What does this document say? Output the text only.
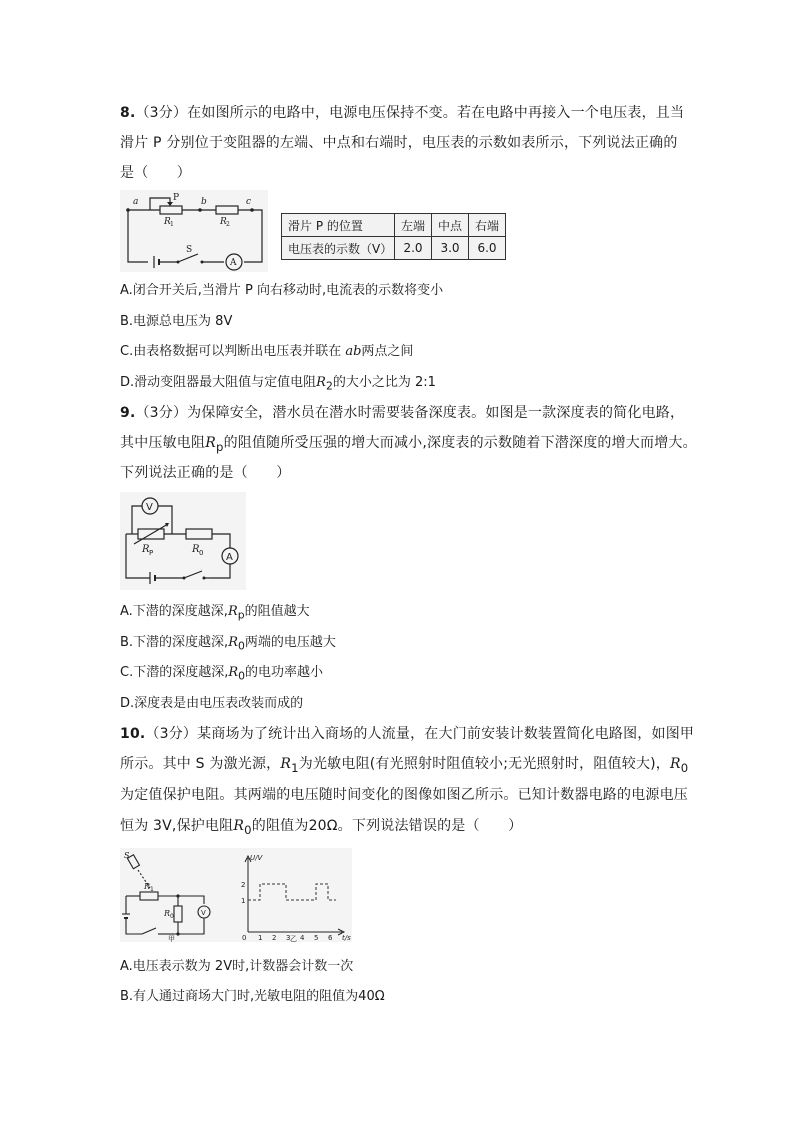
8.（3分）在如图所示的电路中，电源电压保持不变。若在电路中再接入一个电压表，且当
滑片 P 分别位于变阻器的左端、中点和右端时，电压表的示数如表所示，下列说法正确的
是（　　）
a	P
R 1
b
R 2
c
S
A
滑片 P 的位置	左端	中点	右端
电压表的示数（V）	2.0	3.0	6.0
A.闭合开关后,当滑片 P 向右移动时,电流表的示数将变小
B.电源总电压为 8V
C.由表格数据可以判断出电压表并联在 ab两点之间
D.滑动变阻器最大阻值与定值电阻$R_2$的大小之比为 2:1
9.（3分）为保障安全，潜水员在潜水时需要装备深度表。如图是一款深度表的简化电路，
其中压敏电阻$R_p$的阻值随所受压强的增大而减小,深度表的示数随着下潜深度的增大而增大。
下列说法正确的是（　　）
V
R P	R 0 A
A.下潜的深度越深$,R_p$的阻值越大
B.下潜的深度越深$,R_0$两端的电压越大
C.下潜的深度越深$,R_0$的电功率越小
D.深度表是由电压表改装而成的
10.（3分）某商场为了统计出入商场的人流量，在大门前安装计数装置简化电路图，如图甲
所示。其中 S 为激光源，$R_1$为光敏电阻(有光照射时阻值较小;无光照射时，阻值较大)，$R_0$
为定值保护电阻。其两端的电压随时间变化的图像如图乙所示。已知计数器电路的电源电压
恒为 3V,保护电阻$R_0$的阻值为20Ω。下列说法错误的是（　　）
S
R 1
R 0	V
甲
U/V
1
2
0 1 2 3 4 5 6 t/s
乙
A.电压表示数为 2V时,计数器会计数一次
B.有人通过商场大门时,光敏电阻的阻值为40Ω
